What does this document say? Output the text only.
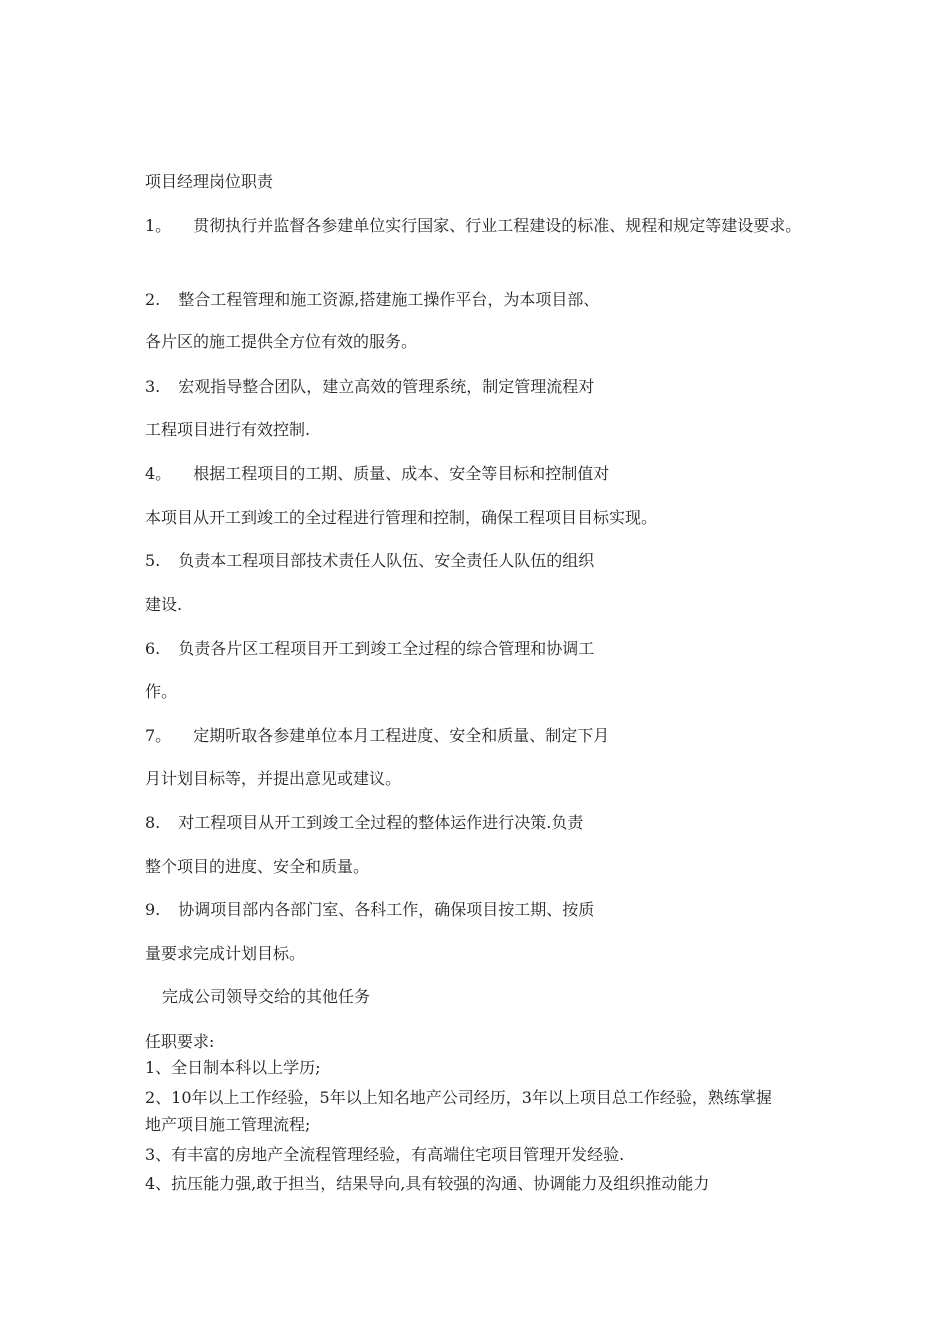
项目经理岗位职责
1。 贯彻执行并监督各参建单位实行国家、行业工程建设的标准、规程和规定等建设要求。
2. 整合工程管理和施工资源,搭建施工操作平台，为本项目部、
各片区的施工提供全方位有效的服务。
3. 宏观指导整合团队，建立高效的管理系统，制定管理流程对
工程项目进行有效控制.
4。 根据工程项目的工期、质量、成本、安全等目标和控制值对
本项目从开工到竣工的全过程进行管理和控制，确保工程项目目标实现。
5. 负责本工程项目部技术责任人队伍、安全责任人队伍的组织
建设.
6. 负责各片区工程项目开工到竣工全过程的综合管理和协调工
作。
7。 定期听取各参建单位本月工程进度、安全和质量、制定下月
月计划目标等，并提出意见或建议。
8. 对工程项目从开工到竣工全过程的整体运作进行决策.负责
整个项目的进度、安全和质量。
9. 协调项目部内各部门室、各科工作，确保项目按工期、按质
量要求完成计划目标。
完成公司领导交给的其他任务
任职要求:
1、全日制本科以上学历;
2、10年以上工作经验，5年以上知名地产公司经历，3年以上项目总工作经验，熟练掌握
地产项目施工管理流程;
3、有丰富的房地产全流程管理经验，有高端住宅项目管理开发经验.
4、抗压能力强,敢于担当，结果导向,具有较强的沟通、协调能力及组织推动能力
